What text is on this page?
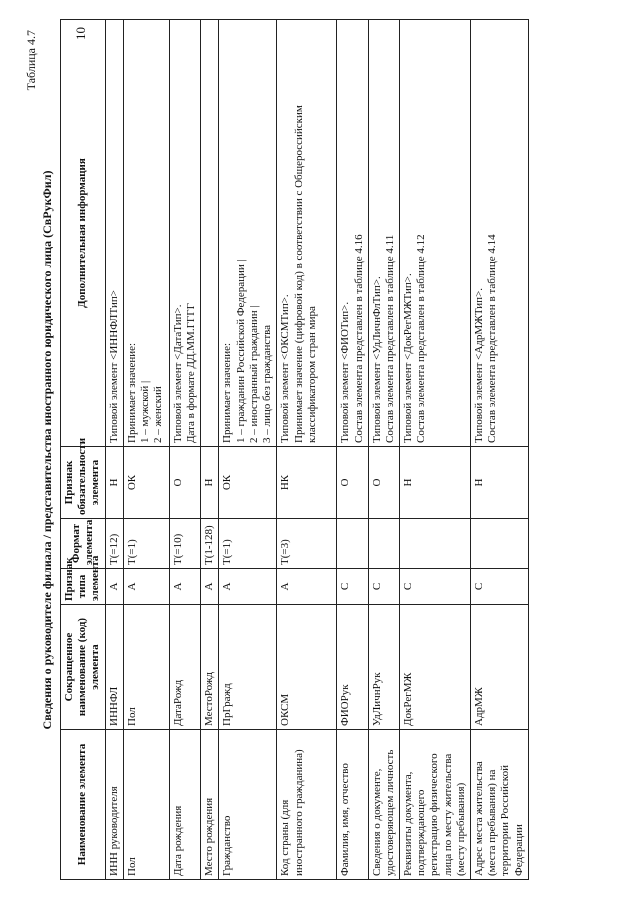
10
Таблица 4.7
Сведения о руководителе филиала / представительства иностранного юридического лица (СвРукФил)
Наименование элемента	Сокращенное наименование (код) элемента	Признак типа элемента	Формат элемента	Признак обязательности элемента	Дополнительная информация
ИНН руководителя	ИННФЛ	А	T(=12)	Н	Типовой элемент <ИННФЛТип>

Пол	Пол	А	T(=1)	ОК	Принимает значение: 1 – мужской | 2 – женский

Дата рождения	ДатаРожд	А	T(=10)	О	Типовой элемент <ДатаТип>. Дата в формате ДД.ММ.ГГГГ

Место рождения	МестоРожд	А	T(1-128)	Н	

Гражданство	ПрГражд	А	T(=1)	ОК	Принимает значение: 1 – гражданин Российской Федерации | 2 – иностранный гражданин | 3 – лицо без гражданства

Код страны (для иностранного гражданина)	ОКСМ	А	T(=3)	НК	Типовой элемент <ОКСМТип>. Принимает значение (цифровой код) в соответствии с Общероссийским классификатором стран мира

Фамилия, имя, отчество	ФИОРук	С		О	Типовой элемент <ФИОТип>. Состав элемента представлен в таблице 4.16

Сведения о документе, удостоверяющем личность	УдЛичнРук	С		О	Типовой элемент <УдЛичнФлТип>. Состав элемента представлен в таблице 4.11

Реквизиты документа, подтверждающего регистрацию физического лица по месту жительства (месту пребывания)	ДокРегМЖ	С		Н	Типовой элемент <ДокРегМЖТип>. Состав элемента представлен в таблице 4.12

Адрес места жительства (места пребывания) на территории Российской Федерации	АдрМЖ	С		Н	Типовой элемент <АдрМЖТип>. Состав элемента представлен в таблице 4.14
